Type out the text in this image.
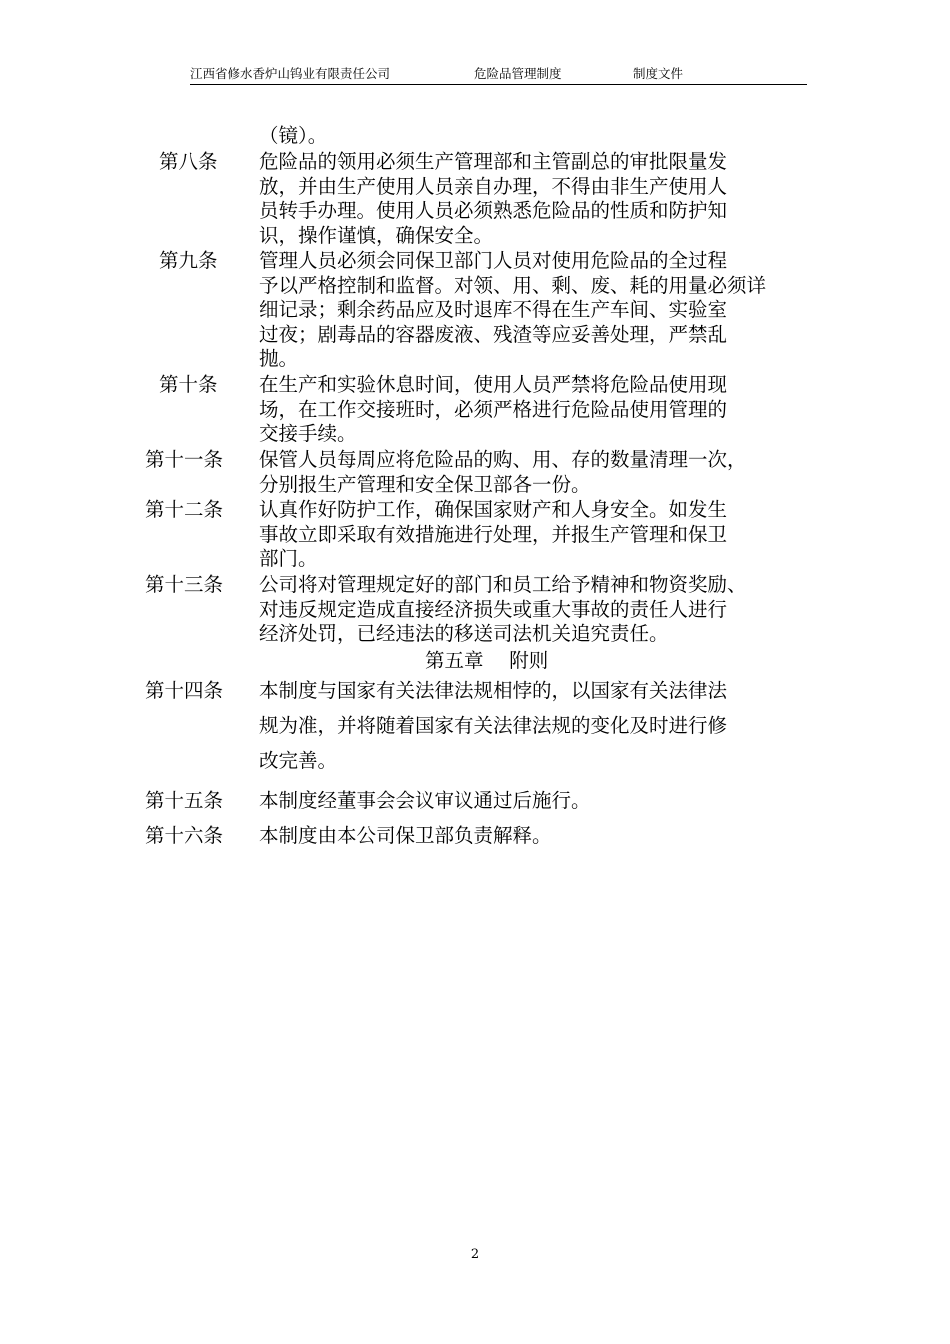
江西省修水香炉山钨业有限责任公司	危险品管理制度	制度文件
（镜）。
第八条	危险品的领用必须生产管理部和主管副总的审批限量发
放，并由生产使用人员亲自办理，不得由非生产使用人
员转手办理。使用人员必须熟悉危险品的性质和防护知
识，操作谨慎，确保安全。
第九条	管理人员必须会同保卫部门人员对使用危险品的全过程
予以严格控制和监督。对领、用、剩、废、耗的用量必须详
细记录；剩余药品应及时退库不得在生产车间、实验室
过夜；剧毒品的容器废液、残渣等应妥善处理，严禁乱
抛。
第十条	在生产和实验休息时间，使用人员严禁将危险品使用现
场，在工作交接班时，必须严格进行危险品使用管理的
交接手续。
第十一条	保管人员每周应将危险品的购、用、存的数量清理一次，
分别报生产管理和安全保卫部各一份。
第十二条	认真作好防护工作，确保国家财产和人身安全。如发生
事故立即采取有效措施进行处理，并报生产管理和保卫
部门。
第十三条	公司将对管理规定好的部门和员工给予精神和物资奖励、
对违反规定造成直接经济损失或重大事故的责任人进行
经济处罚，已经违法的移送司法机关追究责任。
第五章　 附则
第十四条	本制度与国家有关法律法规相悖的，以国家有关法律法
规为准，并将随着国家有关法律法规的变化及时进行修
改完善。
第十五条	本制度经董事会会议审议通过后施行。
第十六条	本制度由本公司保卫部负责解释。
2
